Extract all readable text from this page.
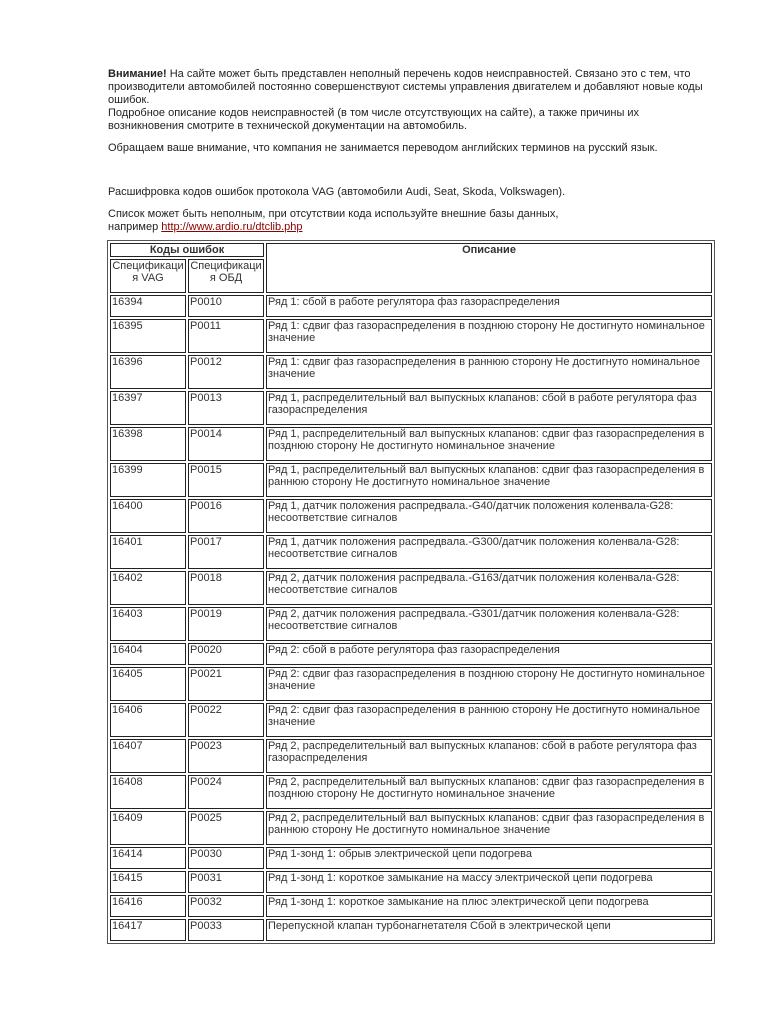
Внимание! На сайте может быть представлен неполный перечень кодов неисправностей. Связано это с тем, что производители автомобилей постоянно совершенствуют системы управления двигателем и добавляют новые коды ошибок.

Подробное описание кодов неисправностей (в том числе отсутствующих на сайте), а также причины их возникновения смотрите в технической документации на автомобиль.

Обращаем ваше внимание, что компания не занимается переводом английских терминов на русский язык.

Расшифровка кодов ошибок протокола VAG (автомобили Audi, Seat, Skoda, Volkswagen).

Список может быть неполным, при отсутствии кода используйте внешние базы данных,
например http://www.ardio.ru/dtclib.php

Коды ошибок		Описание
Спецификаци я VAG	Спецификаци я ОБД	
16394	P0010	Ряд 1: сбой в работе регулятора фаз газораспределения
16395	P0011	Ряд 1: сдвиг фаз газораспределения в позднюю сторону Не достигнуто номинальное значение
16396	P0012	Ряд 1: сдвиг фаз газораспределения в раннюю сторону Не достигнуто номинальное значение
16397	P0013	Ряд 1, распределительный вал выпускных клапанов: сбой в работе регулятора фаз газораспределения
16398	P0014	Ряд 1, распределительный вал выпускных клапанов: сдвиг фаз газораспределения в позднюю сторону Не достигнуто номинальное значение
16399	P0015	Ряд 1, распределительный вал выпускных клапанов: сдвиг фаз газораспределения в раннюю сторону Не достигнуто номинальное значение
16400	P0016	Ряд 1, датчик положения распредвала.-G40/датчик положения коленвала-G28: несоответствие сигналов
16401	P0017	Ряд 1, датчик положения распредвала.-G300/датчик положения коленвала-G28: несоответствие сигналов
16402	P0018	Ряд 2, датчик положения распредвала.-G163/датчик положения коленвала-G28: несоответствие сигналов
16403	P0019	Ряд 2, датчик положения распредвала.-G301/датчик положения коленвала-G28: несоответствие сигналов
16404	P0020	Ряд 2: сбой в работе регулятора фаз газораспределения
16405	P0021	Ряд 2: сдвиг фаз газораспределения в позднюю сторону Не достигнуто номинальное значение
16406	P0022	Ряд 2: сдвиг фаз газораспределения в раннюю сторону Не достигнуто номинальное значение
16407	P0023	Ряд 2, распределительный вал выпускных клапанов: сбой в работе регулятора фаз газораспределения
16408	P0024	Ряд 2, распределительный вал выпускных клапанов: сдвиг фаз газораспределения в позднюю сторону Не достигнуто номинальное значение
16409	P0025	Ряд 2, распределительный вал выпускных клапанов: сдвиг фаз газораспределения в раннюю сторону Не достигнуто номинальное значение
16414	P0030	Ряд 1-зонд 1: обрыв электрической цепи подогрева
16415	P0031	Ряд 1-зонд 1: короткое замыкание на массу электрической цепи подогрева
16416	P0032	Ряд 1-зонд 1: короткое замыкание на плюс электрической цепи подогрева
16417	P0033	Перепускной клапан турбонагнетателя Сбой в электрической цепи
